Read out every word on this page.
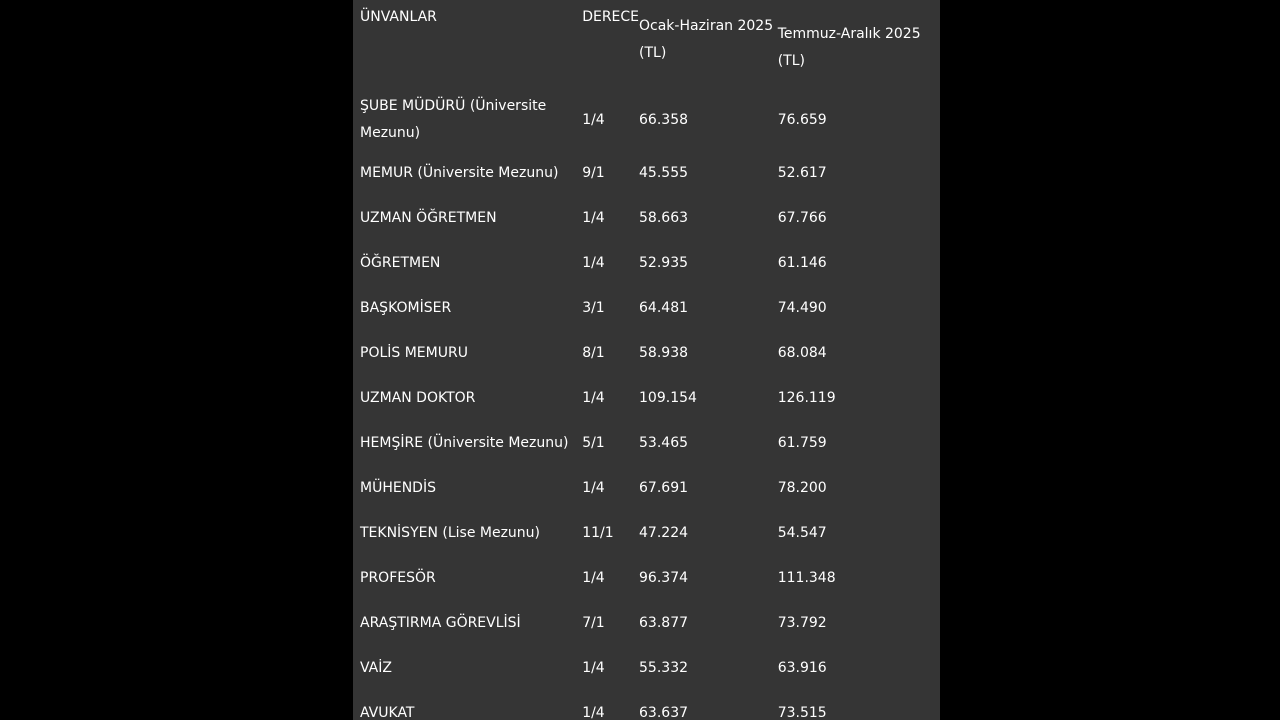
ÜNVANLAR	DERECE	Ocak-Haziran 2025 (TL)	Temmuz-Aralık 2025 (TL)

ŞUBE MÜDÜRÜ (Üniversite Mezunu)	1/4	66.358	76.659
MEMUR (Üniversite Mezunu)	9/1	45.555	52.617
UZMAN ÖĞRETMEN	1/4	58.663	67.766
ÖĞRETMEN	1/4	52.935	61.146
BAŞKOMİSER	3/1	64.481	74.490
POLİS MEMURU	8/1	58.938	68.084
UZMAN DOKTOR	1/4	109.154	126.119
HEMŞİRE (Üniversite Mezunu)	5/1	53.465	61.759
MÜHENDİS	1/4	67.691	78.200
TEKNİSYEN (Lise Mezunu)	11/1	47.224	54.547
PROFESÖR	1/4	96.374	111.348
ARAŞTIRMA GÖREVLİSİ	7/1	63.877	73.792
VAİZ	1/4	55.332	63.916
AVUKAT	1/4	63.637	73.515
